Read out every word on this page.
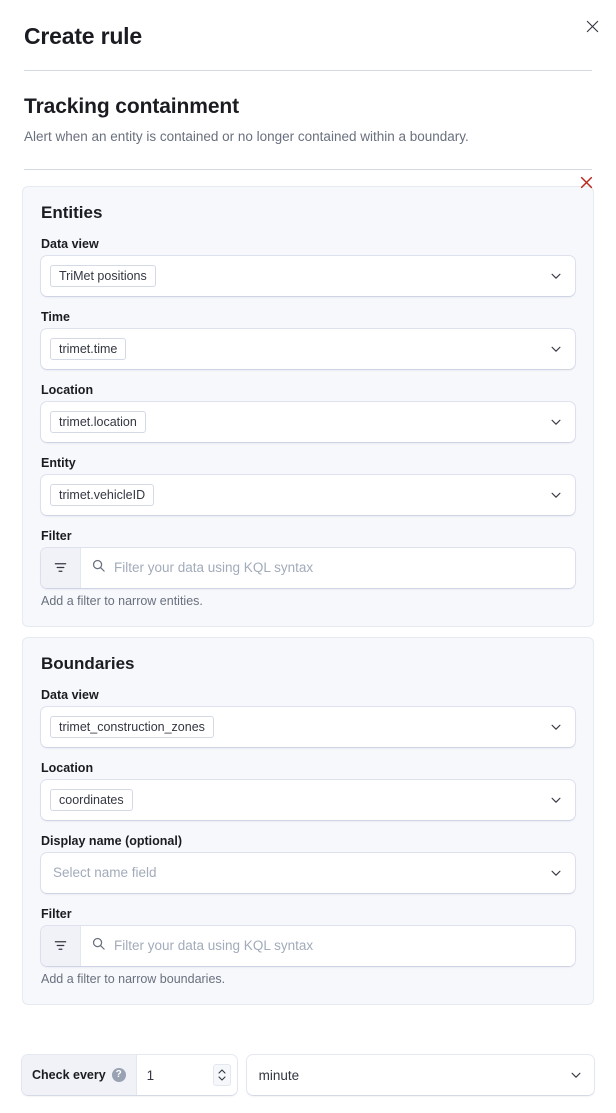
Create rule
Tracking containment

Alert when an entity is contained or no longer contained within a boundary.

Entities
Data view
TriMet positions
Time
trimet.time
Location
trimet.location
Entity
trimet.vehicleID
Filter
Filter your data using KQL syntax
Add a filter to narrow entities.
Boundaries
Data view
trimet_construction_zones
Location
coordinates
Display name (optional)
Select name field
Filter
Filter your data using KQL syntax
Add a filter to narrow boundaries.
Check every ?
1	minute
